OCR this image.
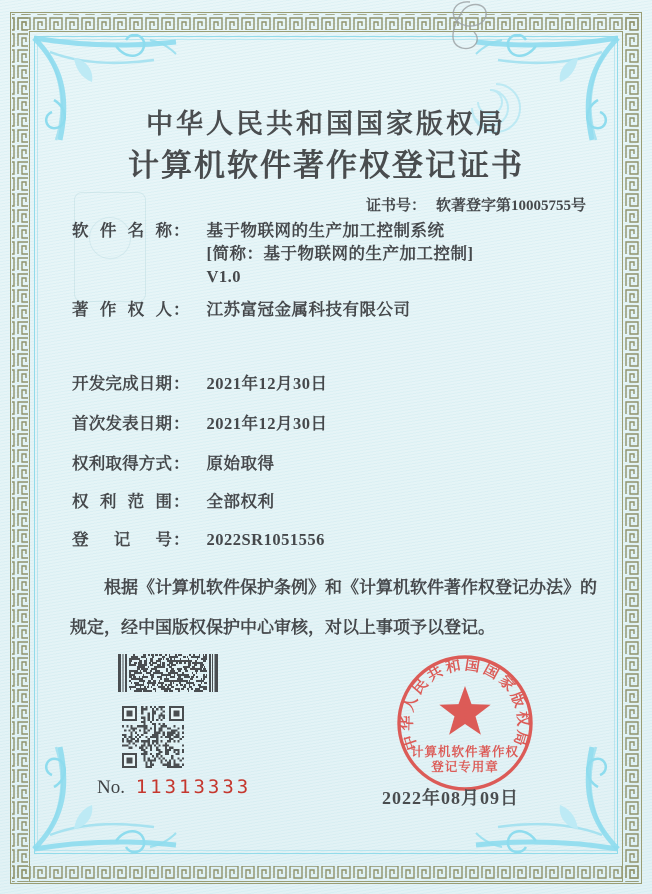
中华人民共和国国家版权局
计算机软件著作权登记证书
证书号： 软著登字第10005755号
软件名称 ： 基于物联网的生产加工控制系统
[简称：基于物联网的生产加工控制]
V1.0
著作权人 ： 江苏富冠金属科技有限公司
开发完成日期 ： 2021年12月30日
首次发表日期 ： 2021年12月30日
权利取得方式 ： 原始取得
权利范围 ： 全部权利
登记号 ： 2022SR1051556
根据《计算机软件保护条例》和《计算机软件著作权登记办法》的规定，经中国版权保护中心审核，对以上事项予以登记。
No. 11313333
中华人民共和国国家版权局
计算机软件著作权
登记专用章
2022年08月09日
